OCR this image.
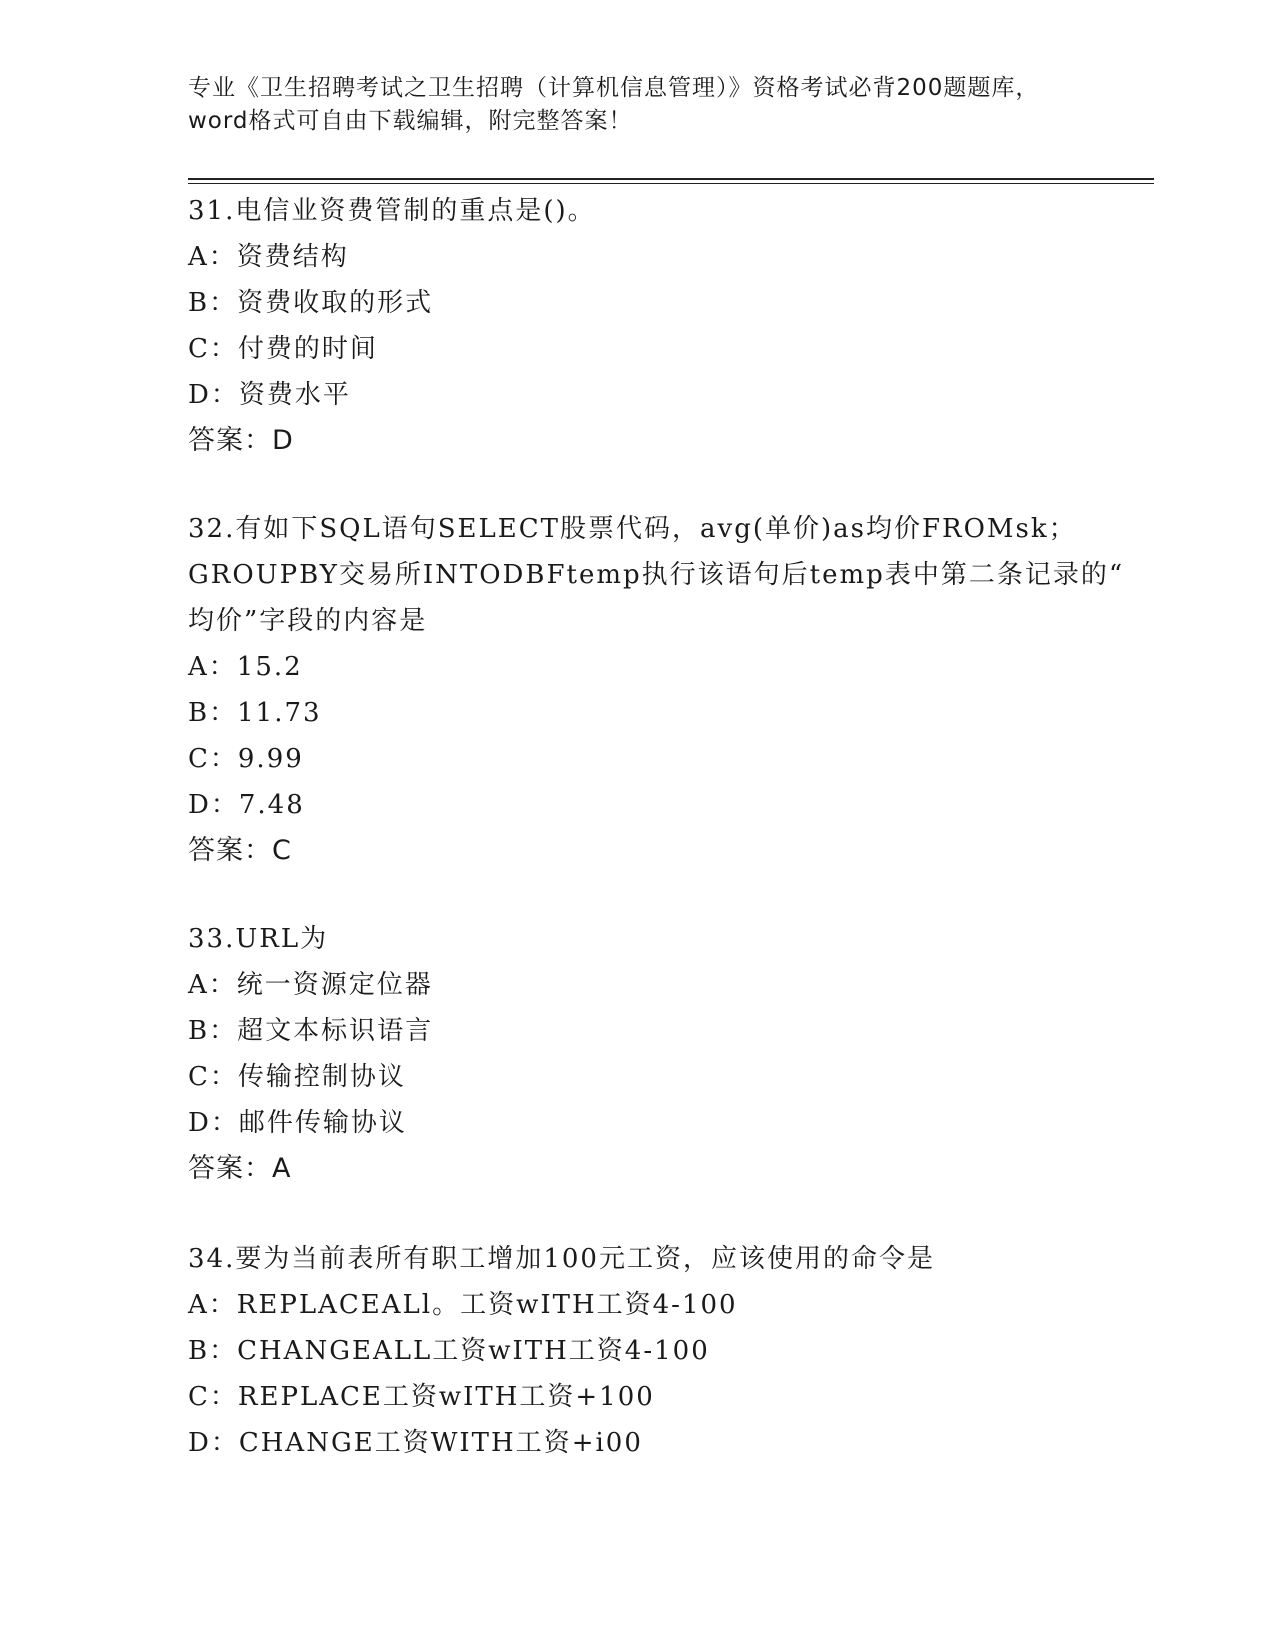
专业《卫生招聘考试之卫生招聘（计算机信息管理）》资格考试必背200题题库，
word格式可自由下载编辑，附完整答案！
31.电信业资费管制的重点是()。
A：资费结构
B：资费收取的形式
C：付费的时间
D：资费水平
答案：D
32.有如下SQL语句SELECT股票代码，avg(单价)as均价FROMsk；
GROUPBY交易所INTODBFtemp执行该语句后temp表中第二条记录的“
均价”字段的内容是
A：15.2
B：11.73
C：9.99
D：7.48
答案：C
33.URL为
A：统一资源定位器
B：超文本标识语言
C：传输控制协议
D：邮件传输协议
答案：A
34.要为当前表所有职工增加100元工资，应该使用的命令是
A：REPLACEALl。工资wITH工资4-100
B：CHANGEALL工资wITH工资4-100
C：REPLACE工资wITH工资+100
D：CHANGE工资WITH工资+i00
